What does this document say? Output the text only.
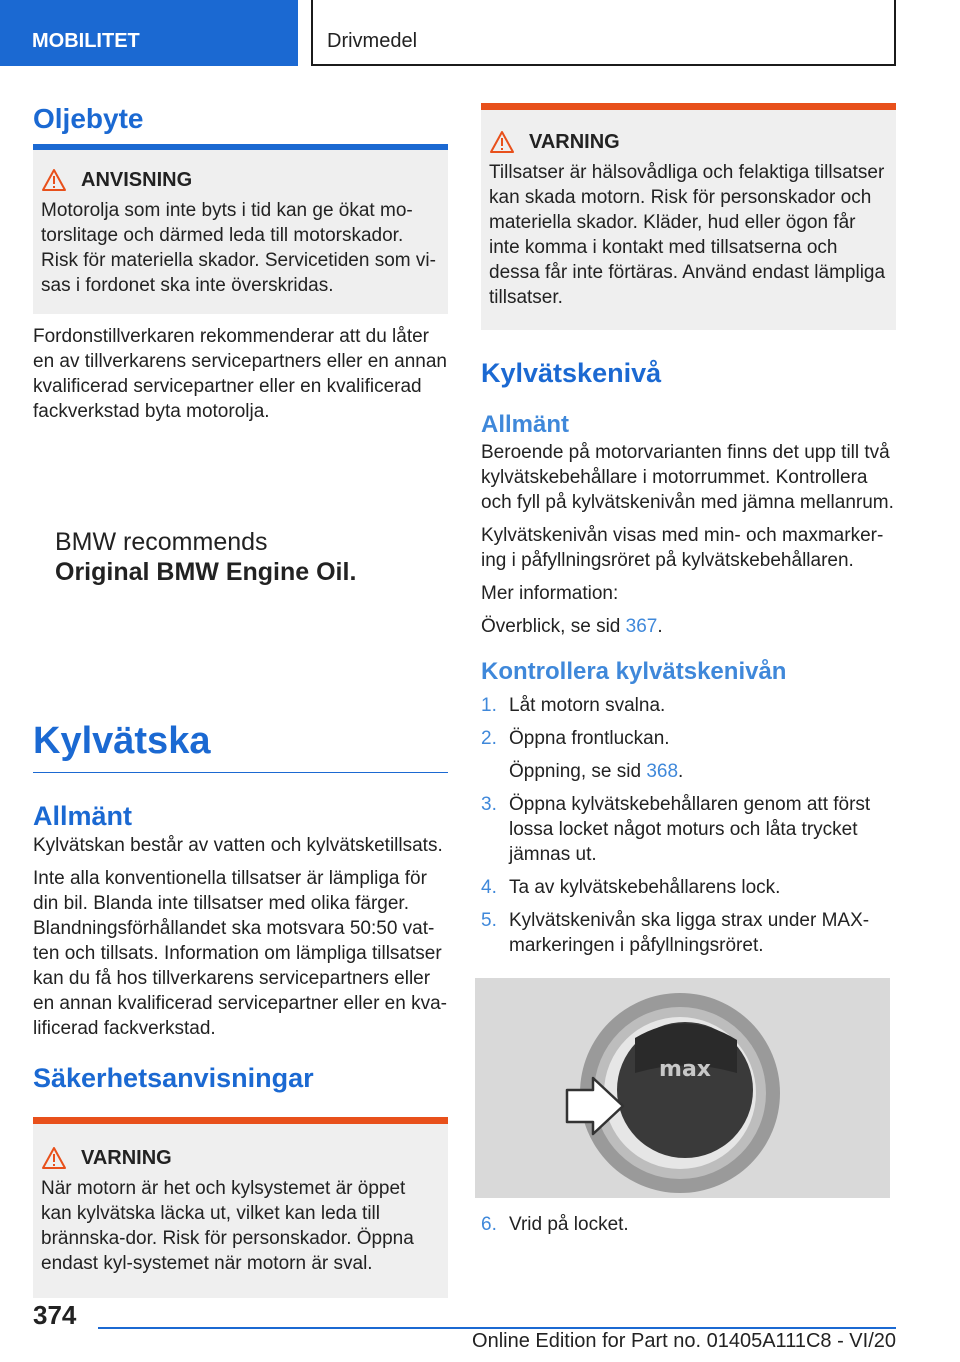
MOBILITET	Drivmedel
Oljebyte
ANVISNING
Motorolja som inte byts i tid kan ge ökat mo-torslitage och därmed leda till motorskador. Risk för materiella skador. Servicetiden som vi-sas i fordonet ska inte överskridas.
Fordonstillverkaren rekommenderar att du låter en av tillverkarens servicepartners eller en annan kvalificerad servicepartner eller en kvalificerad fackverkstad byta motorolja.
BMW recommends
Original BMW Engine Oil.
Kylvätska
Allmänt
Kylvätskan består av vatten och kylvätsketillsats.
Inte alla konventionella tillsatser är lämpliga för din bil. Blanda inte tillsatser med olika färger. Blandningsförhållandet ska motsvara 50:50 vat-ten och tillsats. Information om lämpliga tillsatser kan du få hos tillverkarens servicepartners eller en annan kvalificerad servicepartner eller en kva-lificerad fackverkstad.
Säkerhetsanvisningar
VARNING
När motorn är het och kylsystemet är öppet kan kylvätska läcka ut, vilket kan leda till brännska-dor. Risk för personskador. Öppna endast kyl-systemet när motorn är sval.
VARNING
Tillsatser är hälsovådliga och felaktiga tillsatser kan skada motorn. Risk för personskador och materiella skador. Kläder, hud eller ögon får inte komma i kontakt med tillsatserna och dessa får inte förtäras. Använd endast lämpliga tillsatser.
Kylvätskenivå
Allmänt
Beroende på motorvarianten finns det upp till två kylvätskebehållare i motorrummet. Kontrollera och fyll på kylvätskenivån med jämna mellanrum.
Kylvätskenivån visas med min- och maxmarker-ing i påfyllningsröret på kylvätskebehållaren.
Mer information:
Överblick, se sid 367.
Kontrollera kylvätskenivån
1. Låt motorn svalna.
2. Öppna frontluckan.
Öppning, se sid 368.
3. Öppna kylvätskebehållaren genom att först lossa locket något moturs och låta trycket jämnas ut.
4. Ta av kylvätskebehållarens lock.
5. Kylvätskenivån ska ligga strax under MAX-markeringen i påfyllningsröret.
max
6. Vrid på locket.
374
Online Edition for Part no. 01405A111C8 - VI/20
